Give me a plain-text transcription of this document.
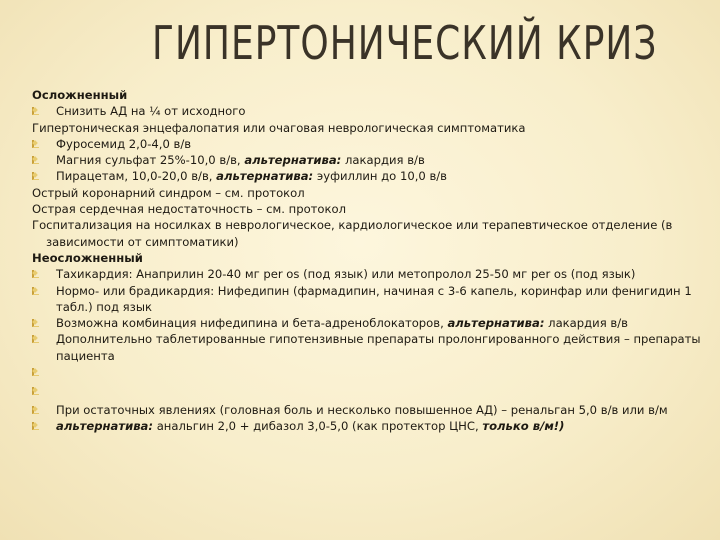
ГИПЕРТОНИЧЕСКИЙ КРИЗ
Осложненный
Снизить АД на ¼ от исходного
Гипертоническая энцефалопатия или очаговая неврологическая симптоматика
Фуросемид 2,0-4,0 в/в
Магния сульфат 25%-10,0 в/в, альтернатива: лакардия в/в
Пирацетам, 10,0-20,0 в/в, альтернатива: эуфиллин до 10,0 в/в
Острый коронарний синдром – см. протокол
Острая сердечная недостаточность – см. протокол
Госпитализация на носилках в неврологическое, кардиологическое или терапевтическое отделение (в зависимости от симптоматики)
Неосложненный
Тахикардия: Анаприлин 20-40 мг per os (под язык) или метопролол 25-50 мг per os (под язык)
Нормо- или брадикардия: Нифедипин (фармадипин, начиная с 3-6 капель, коринфар или фенигидин 1 табл.) под язык
Возможна комбинация нифедипина и бета-адреноблокаторов, альтернатива: лакардия в/в
Дополнительно таблетированные гипотензивные препараты пролонгированного действия – препараты пациента
При остаточных явлениях (головная боль и несколько повышенное АД) – ренальган 5,0 в/в или в/м
альтернатива: анальгин 2,0 + дибазол 3,0-5,0 (как протектор ЦНС, только в/м!)
